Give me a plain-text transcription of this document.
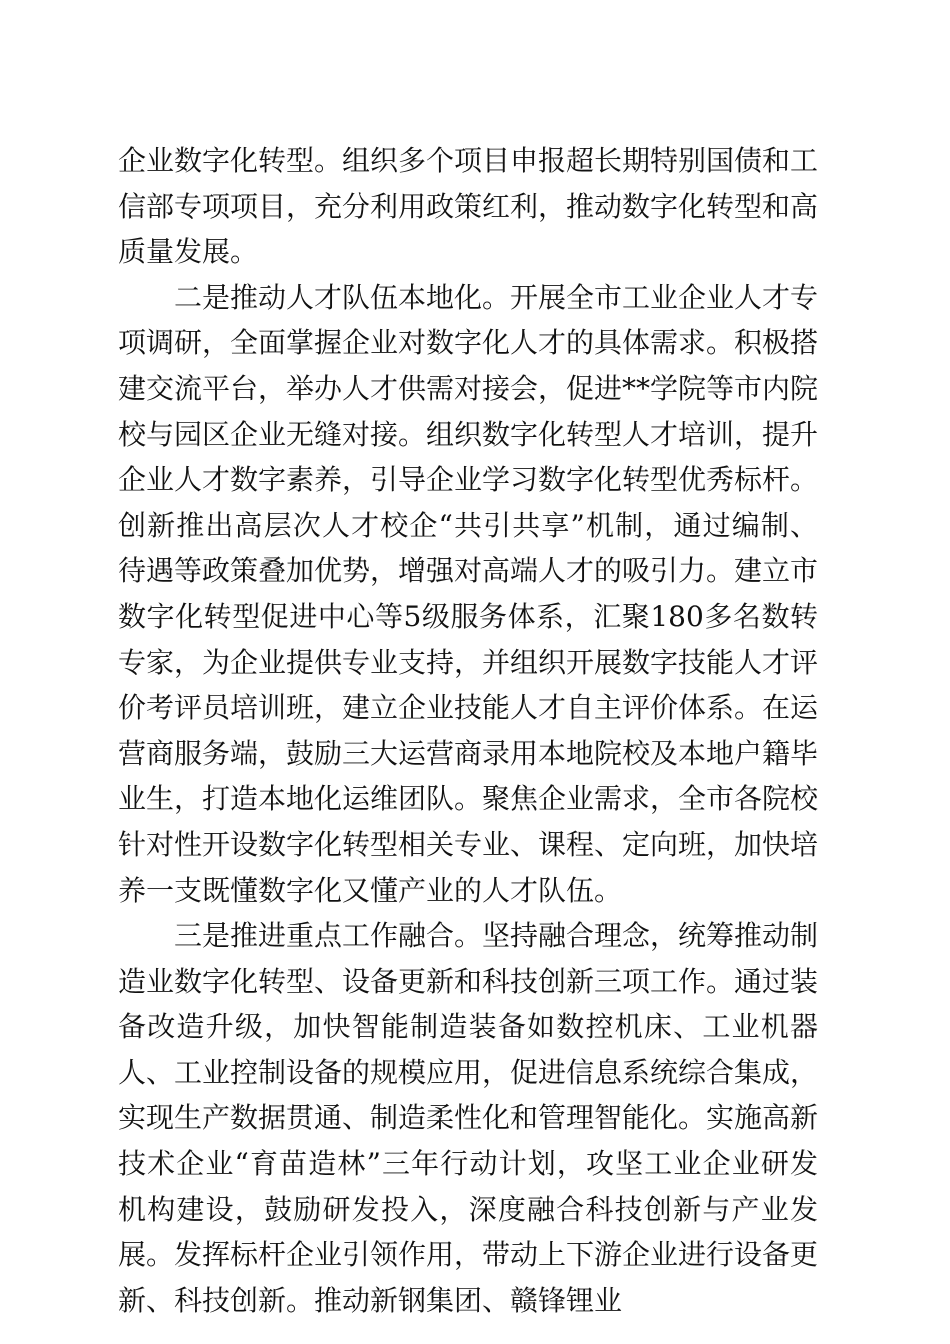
企业数字化转型。组织多个项目申报超长期特别国债和工信部专项项目，充分利用政策红利，推动数字化转型和高质量发展。

二是推动人才队伍本地化。开展全市工业企业人才专项调研，全面掌握企业对数字化人才的具体需求。积极搭建交流平台，举办人才供需对接会，促进**学院等市内院校与园区企业无缝对接。组织数字化转型人才培训，提升企业人才数字素养，引导企业学习数字化转型优秀标杆。创新推出高层次人才校企“共引共享”机制，通过编制、待遇等政策叠加优势，增强对高端人才的吸引力。建立市数字化转型促进中心等5级服务体系，汇聚180多名数转专家，为企业提供专业支持，并组织开展数字技能人才评价考评员培训班，建立企业技能人才自主评价体系。在运营商服务端，鼓励三大运营商录用本地院校及本地户籍毕业生，打造本地化运维团队。聚焦企业需求，全市各院校针对性开设数字化转型相关专业、课程、定向班，加快培养一支既懂数字化又懂产业的人才队伍。

三是推进重点工作融合。坚持融合理念，统筹推动制造业数字化转型、设备更新和科技创新三项工作。通过装备改造升级，加快智能制造装备如数控机床、工业机器人、工业控制设备的规模应用，促进信息系统综合集成，实现生产数据贯通、制造柔性化和管理智能化。实施高新技术企业“育苗造林”三年行动计划，攻坚工业企业研发机构建设，鼓励研发投入，深度融合科技创新与产业发展。发挥标杆企业引领作用，带动上下游企业进行设备更新、科技创新。推动新钢集团、赣锋锂业
